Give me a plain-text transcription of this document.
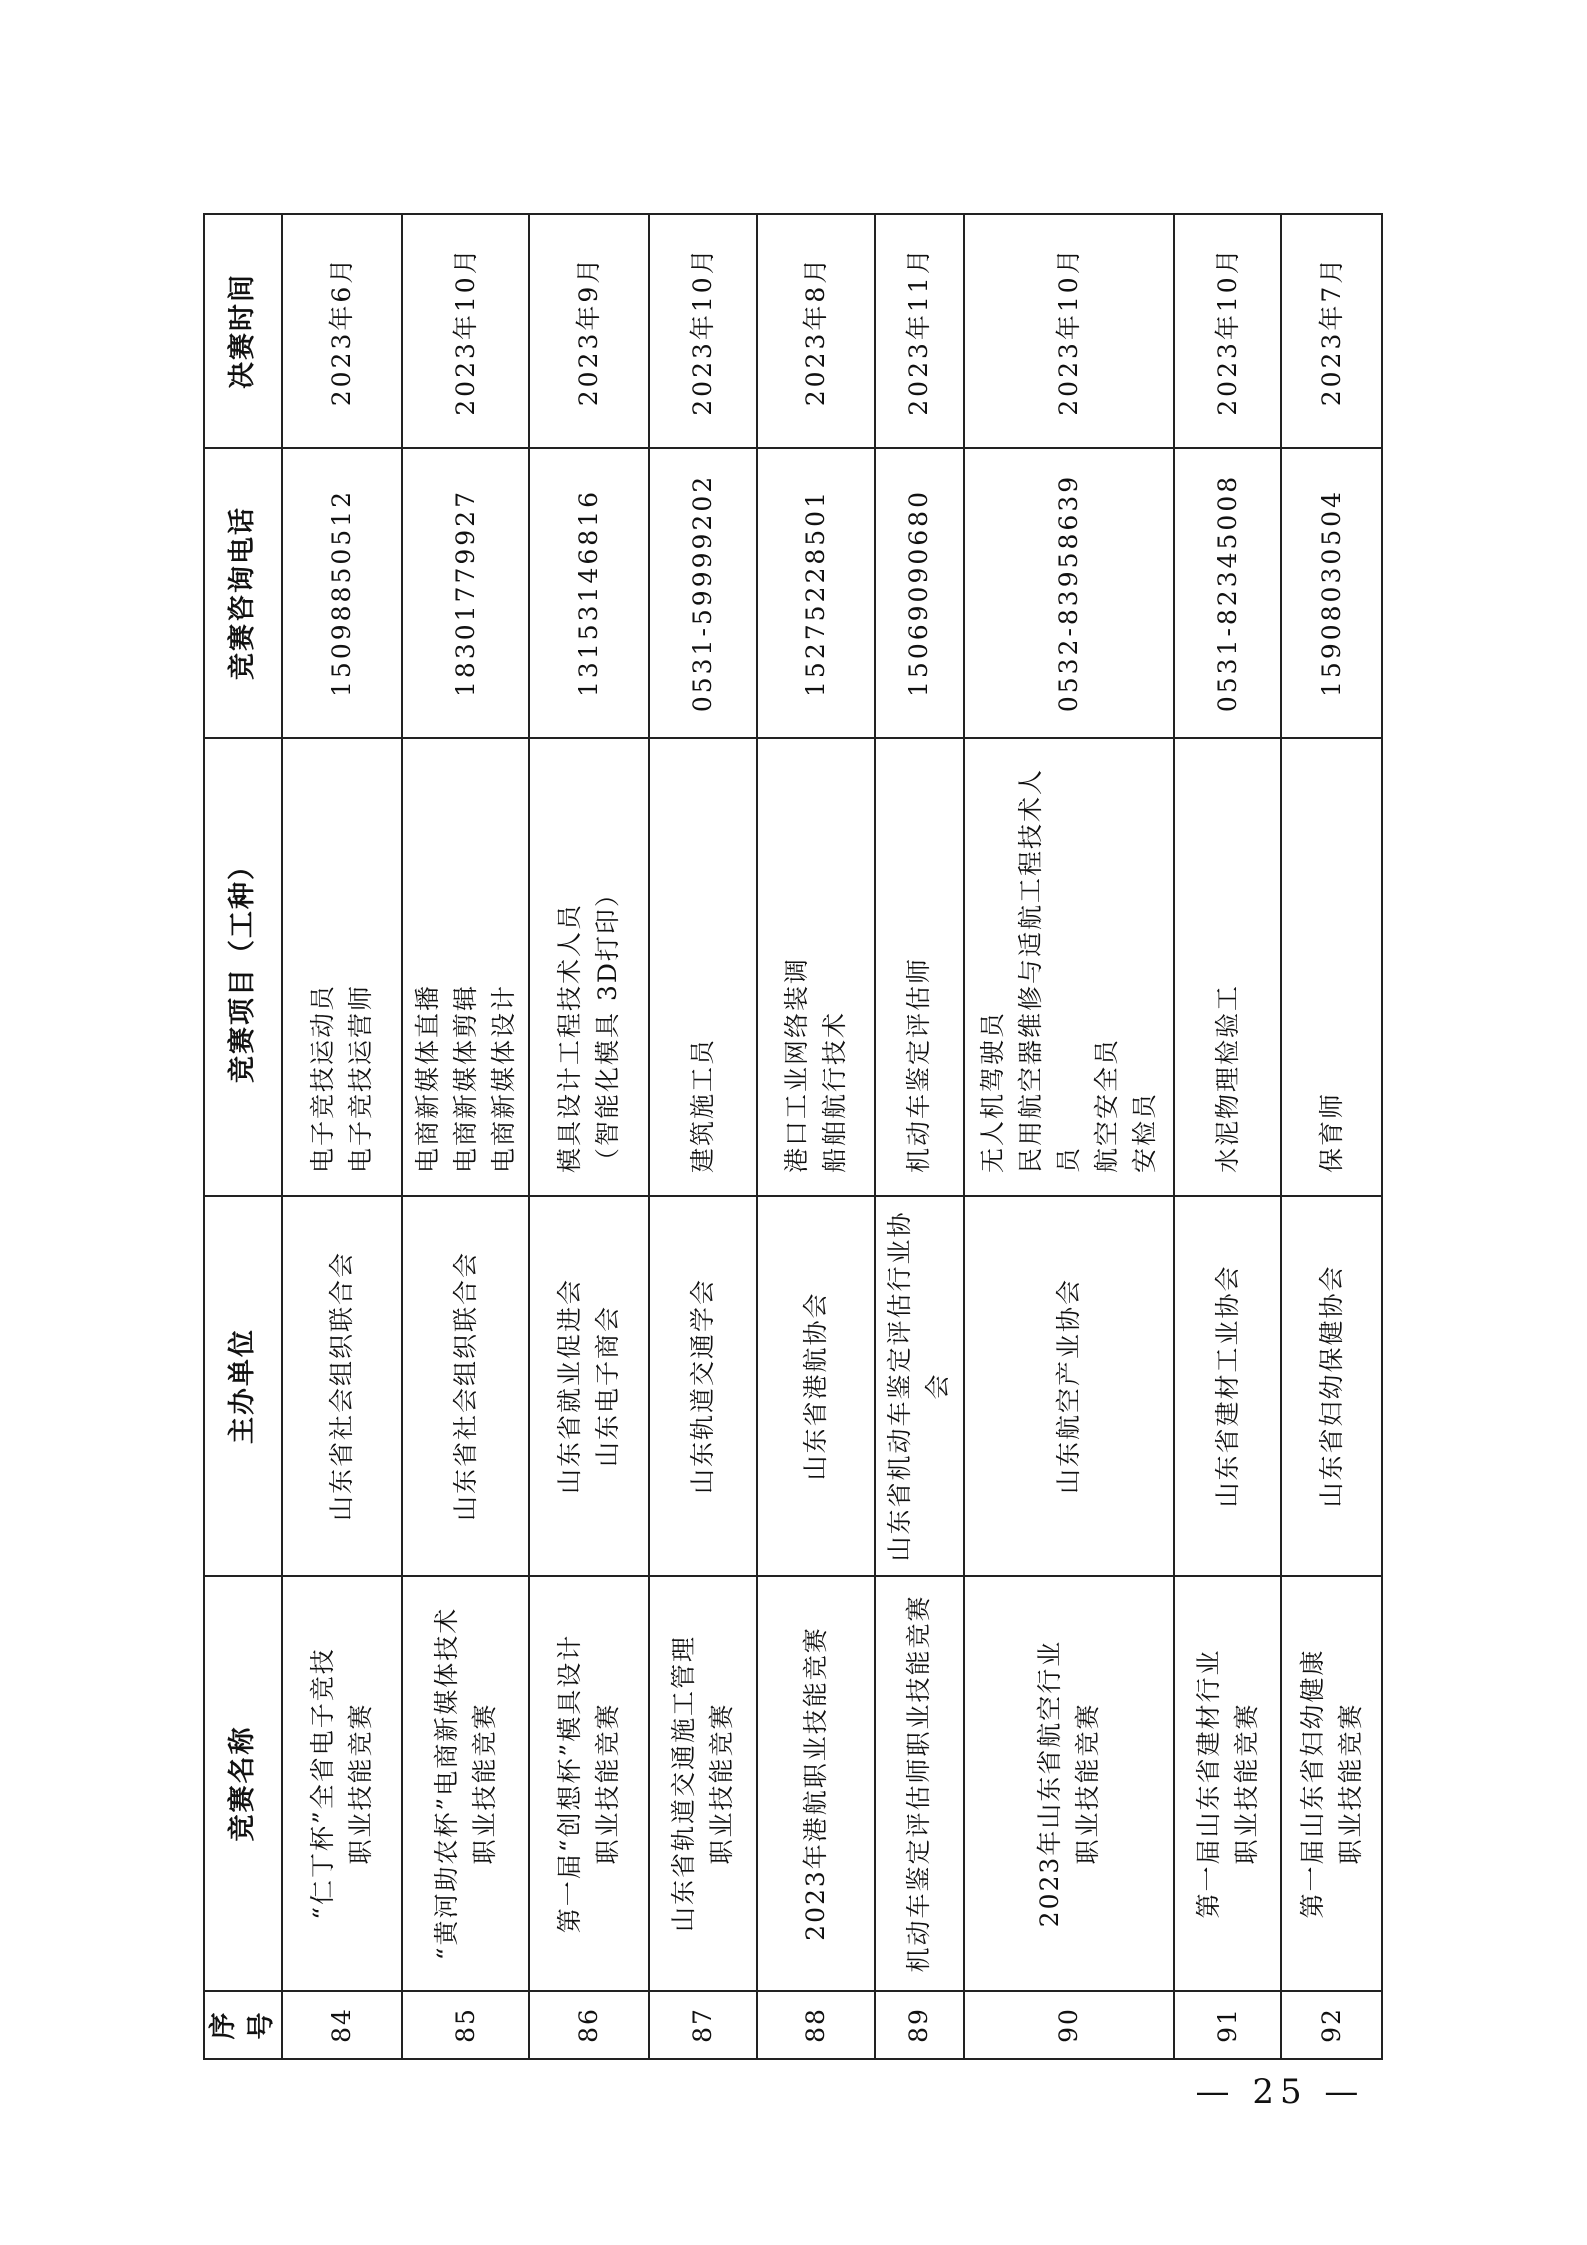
序号	竞赛名称	主办单位	竞赛项目（工种）	竞赛咨询电话	决赛时间
84	“仁丁杯”全省电子竞技 职业技能竞赛	山东省社会组织联合会	电子竞技运动员 电子竞技运营师	15098850512	2023年6月
85	“黄河助农杯”电商新媒体技术 职业技能竞赛	山东省社会组织联合会	电商新媒体直播 电商新媒体剪辑 电商新媒体设计	18301779927	2023年10月
86	第一届“创想杯”模具设计 职业技能竞赛	山东省就业促进会 山东电子商会	模具设计工程技术人员 （智能化模具 3D打印）	13153146816	2023年9月
87	山东省轨道交通施工管理 职业技能竞赛	山东轨道交通学会	建筑施工员	0531-59999202	2023年10月
88	2023年港航职业技能竞赛	山东省港航协会	港口工业网络装调 船舶航行技术	15275228501	2023年8月
89	机动车鉴定评估师职业技能竞赛	山东省机动车鉴定评估行业协会	机动车鉴定评估师	15069090680	2023年11月
90	2023年山东省航空行业 职业技能竞赛	山东航空产业协会	无人机驾驶员 民用航空器维修与适航工程技术人员 航空安全员 安检员	0532-83958639	2023年10月
91	第一届山东省建材行业 职业技能竞赛	山东省建材工业协会	水泥物理检验工	0531-82345008	2023年10月
92	第一届山东省妇幼健康 职业技能竞赛	山东省妇幼保健协会	保育师	15908030504	2023年7月
— 25 —
